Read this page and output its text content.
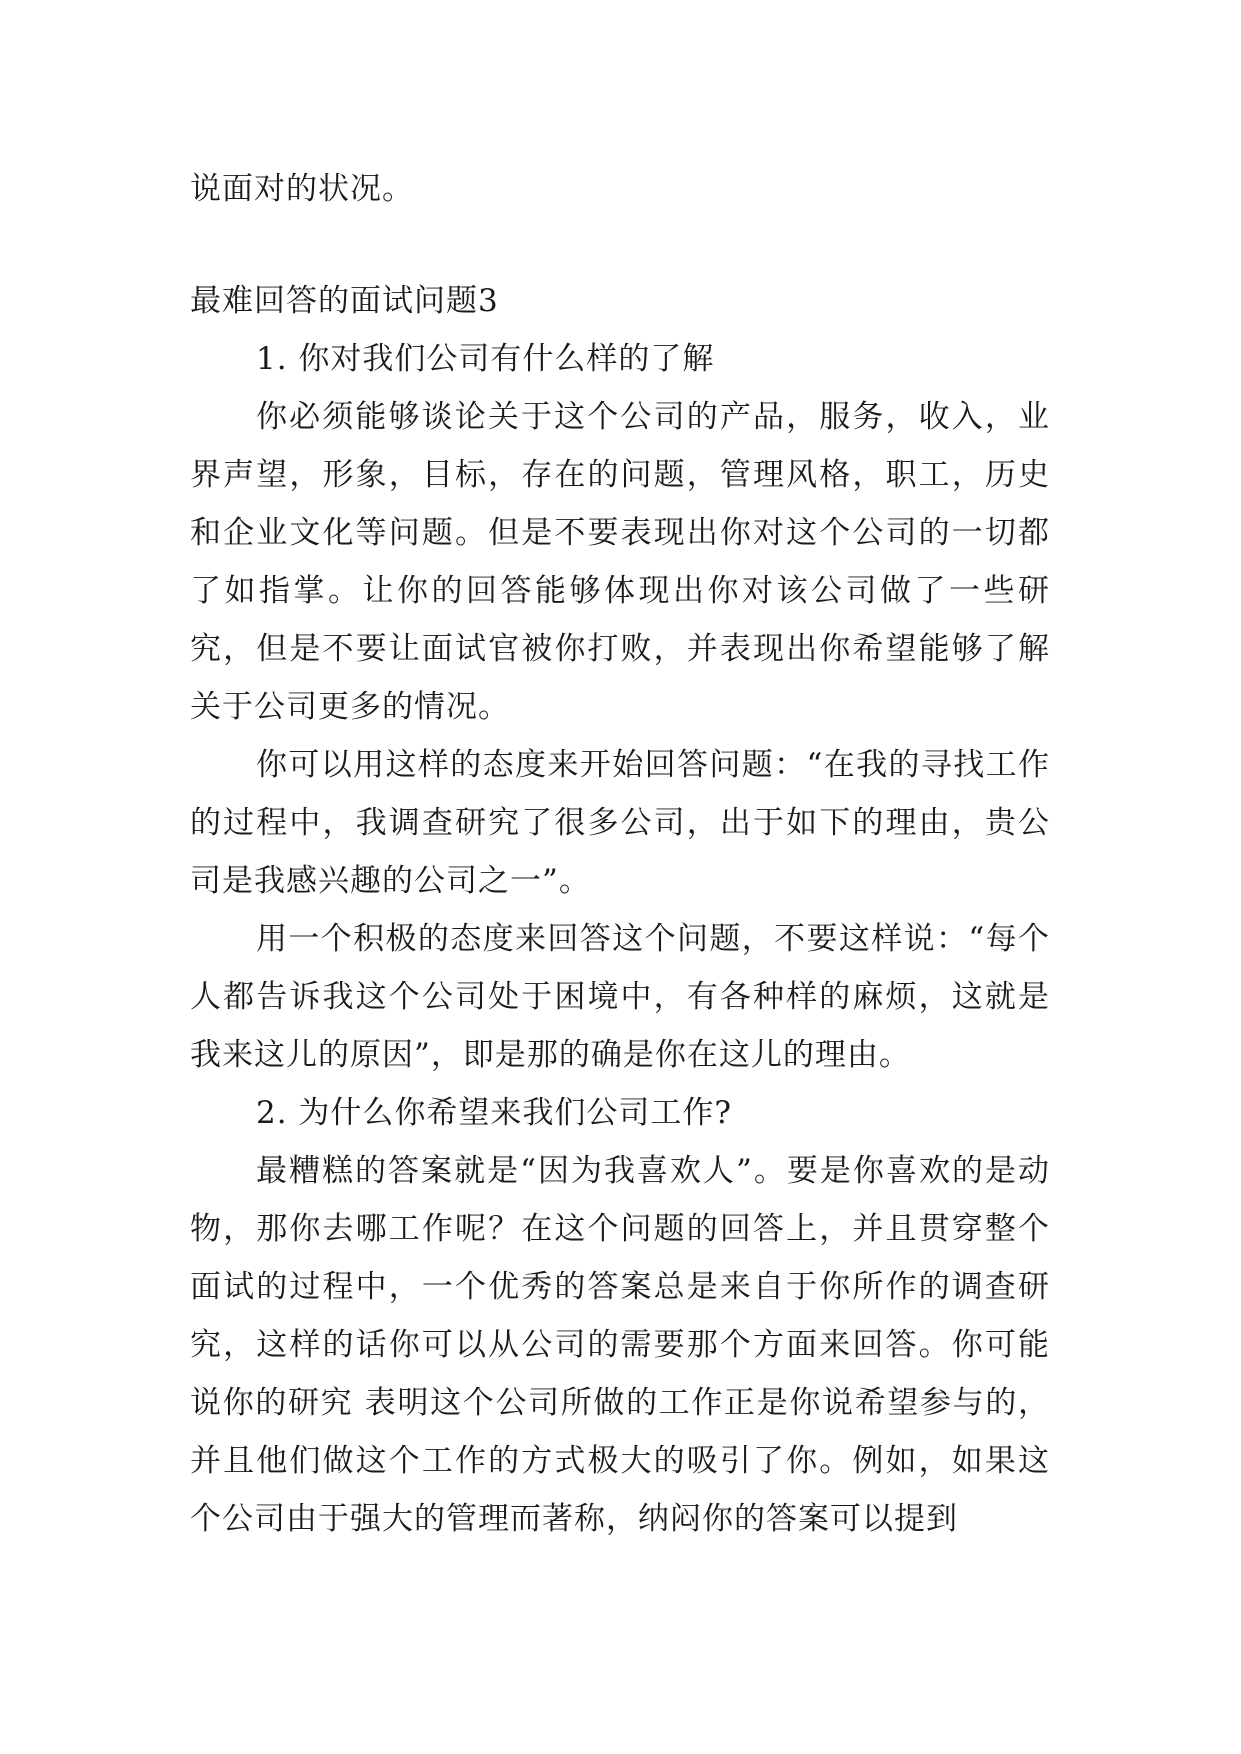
说面对的状况。
最难回答的面试问题3

1. 你对我们公司有什么样的了解

你必须能够谈论关于这个公司的产品，服务，收入，业界声望，形象，目标，存在的问题，管理风格，职工，历史和企业文化等问题。但是不要表现出你对这个公司的一切都了如指掌。让你的回答能够体现出你对该公司做了一些研究，但是不要让面试官被你打败，并表现出你希望能够了解关于公司更多的情况。

你可以用这样的态度来开始回答问题：“在我的寻找工作的过程中，我调查研究了很多公司，出于如下的理由，贵公司是我感兴趣的公司之一”。

用一个积极的态度来回答这个问题，不要这样说：“每个人都告诉我这个公司处于困境中，有各种样的麻烦，这就是我来这儿的原因”，即是那的确是你在这儿的理由。

2. 为什么你希望来我们公司工作?

最糟糕的答案就是“因为我喜欢人”。要是你喜欢的是动物，那你去哪工作呢？在这个问题的回答上，并且贯穿整个面试的过程中，一个优秀的答案总是来自于你所作的调查研究，这样的话你可以从公司的需要那个方面来回答。你可能说你的研究 表明这个公司所做的工作正是你说希望参与的，并且他们做这个工作的方式极大的吸引了你。例如，如果这个公司由于强大的管理而著称，纳闷你的答案可以提到
